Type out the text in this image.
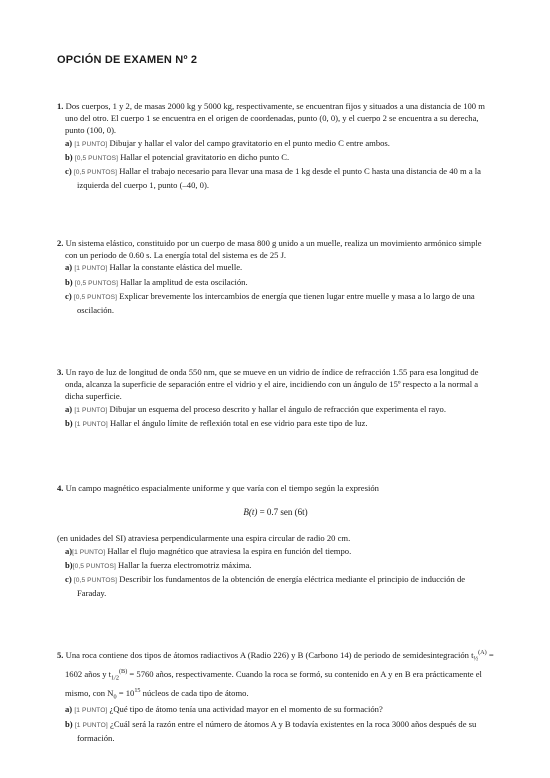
OPCIÓN DE EXAMEN Nº 2

1. Dos cuerpos, 1 y 2, de masas 2000 kg y 5000 kg, respectivamente, se encuentran fijos y situados a una distancia de 100 m uno del otro. El cuerpo 1 se encuentra en el origen de coordenadas, punto (0, 0), y el cuerpo 2 se encuentra a su derecha, punto (100, 0).

a) [1 PUNTO] Dibujar y hallar el valor del campo gravitatorio en el punto medio C entre ambos.

b) [0,5 PUNTOS] Hallar el potencial gravitatorio en dicho punto C.

c) [0,5 PUNTOS] Hallar el trabajo necesario para llevar una masa de 1 kg desde el punto C hasta una distancia de 40 m a la izquierda del cuerpo 1, punto (–40, 0).

2. Un sistema elástico, constituido por un cuerpo de masa 800 g unido a un muelle, realiza un movimiento armónico simple con un periodo de 0.60 s. La energía total del sistema es de 25 J.

a) [1 PUNTO] Hallar la constante elástica del muelle.

b) [0,5 PUNTOS] Hallar la amplitud de esta oscilación.

c) [0,5 PUNTOS] Explicar brevemente los intercambios de energía que tienen lugar entre muelle y masa a lo largo de una oscilación.

3. Un rayo de luz de longitud de onda 550 nm, que se mueve en un vidrio de índice de refracción 1.55 para esa longitud de onda, alcanza la superficie de separación entre el vidrio y el aire, incidiendo con un ángulo de 15º respecto a la normal a dicha superficie.

a) [1 PUNTO] Dibujar un esquema del proceso descrito y hallar el ángulo de refracción que experimenta el rayo.

b) [1 PUNTO] Hallar el ángulo límite de reflexión total en ese vidrio para este tipo de luz.

4. Un campo magnético espacialmente uniforme y que varía con el tiempo según la expresión

B(t) = 0.7 sen (6t)

(en unidades del SI) atraviesa perpendicularmente una espira circular de radio 20 cm.

a)[1 PUNTO] Hallar el flujo magnético que atraviesa la espira en función del tiempo.

b)[0,5 PUNTOS] Hallar la fuerza electromotriz máxima.

c) [0,5 PUNTOS] Describir los fundamentos de la obtención de energía eléctrica mediante el principio de inducción de Faraday.

5. Una roca contiene dos tipos de átomos radiactivos A (Radio 226) y B (Carbono 14) de periodo de semidesintegración $t_{\frac{1}{2}}^{(A)} = 1602$ años y $t_{1/2}^{(B)} = 5760$ años, respectivamente. Cuando la roca se formó, su contenido en A y en B era prácticamente el mismo, con $N_0 = 10^{15}$ núcleos de cada tipo de átomo.

a) [1 PUNTO] ¿Qué tipo de átomo tenía una actividad mayor en el momento de su formación?

b) [1 PUNTO] ¿Cuál será la razón entre el número de átomos A y B todavía existentes en la roca 3000 años después de su formación.
